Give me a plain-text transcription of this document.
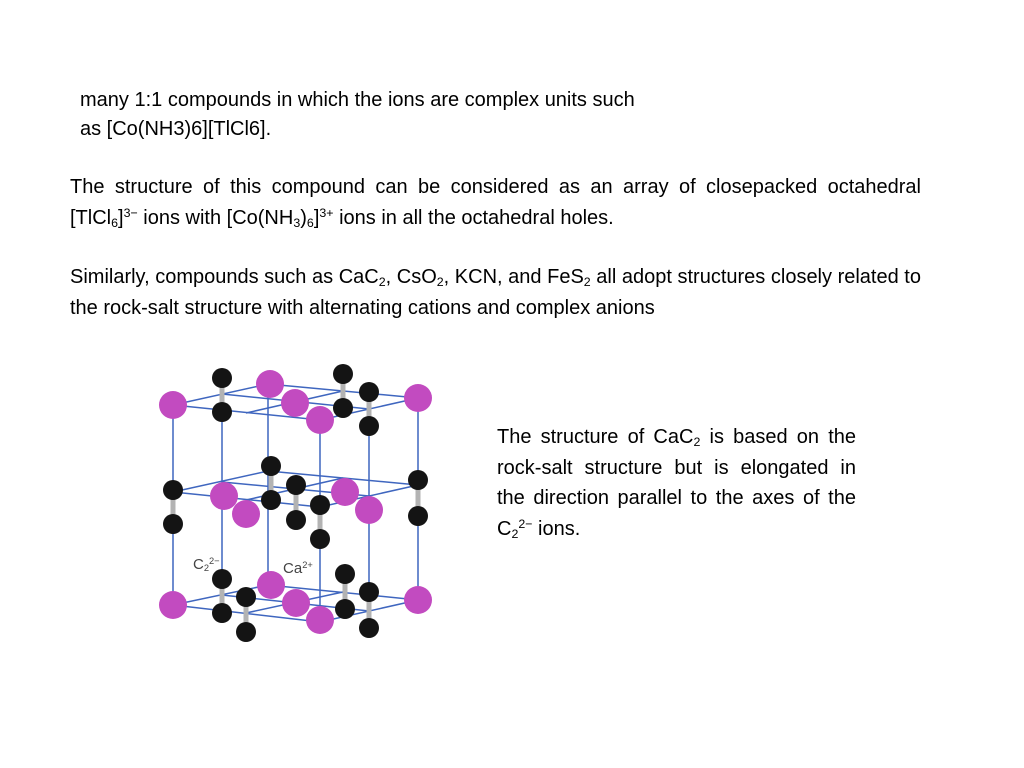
many 1:1 compounds in which the ions are complex units such
as [Co(NH3)6][TlCl6].
The structure of this compound can be considered as an array of closepacked octahedral [TlCl$_6$]$^{3-}$ ions with $[Co(NH_3)_6]^{3+}$ ions in all the octahedral holes.
Similarly, compounds such as CaC$_2$, CsO$_2$, KCN, and FeS$_2$ all adopt structures closely related to the rock-salt structure with alternating cations and complex anions
$C_2^{2-}$	$Ca^{2+}$
The structure of CaC$_2$ is based on the rock-salt structure but is elongated in the direction parallel to the axes of the $C_2^{2-}$ ions.
